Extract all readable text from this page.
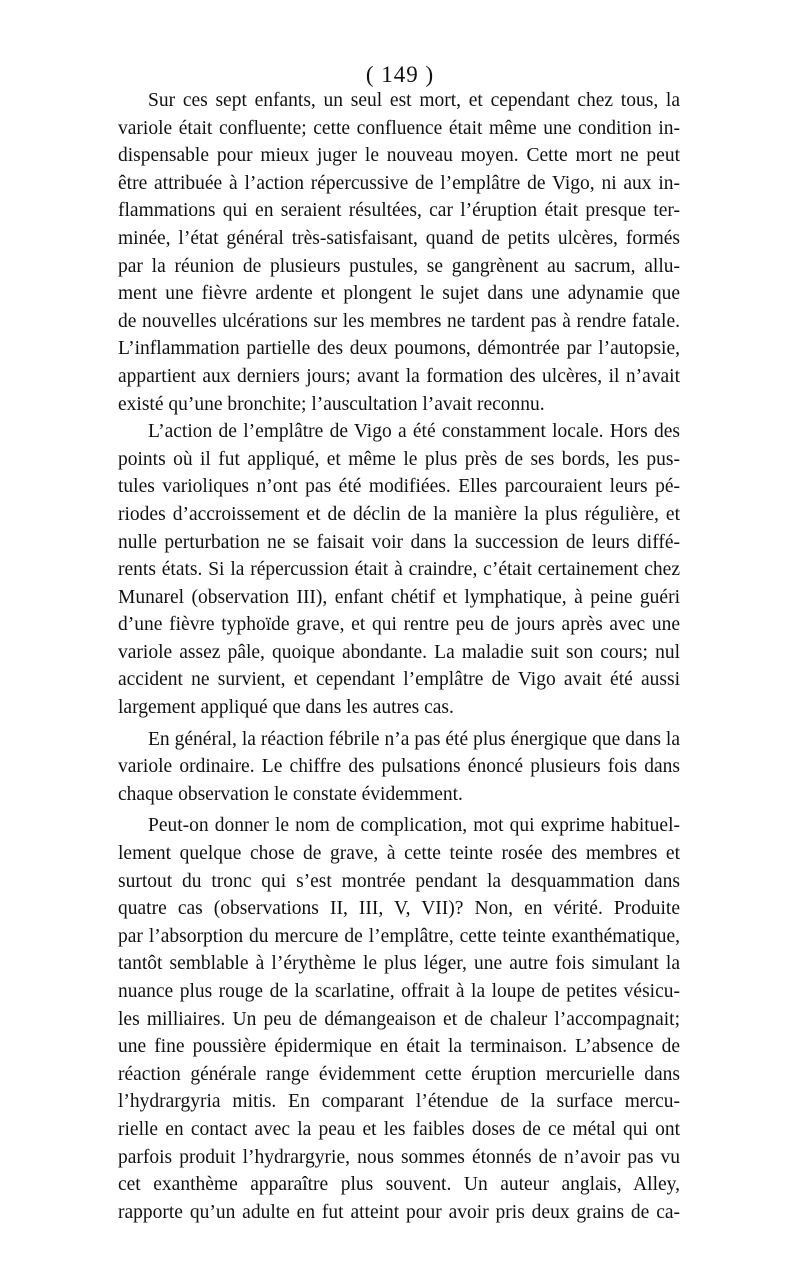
( 149 )
Sur ces sept enfants, un seul est mort, et cependant chez tous, la
variole était confluente; cette confluence était même une condition in-
dispensable pour mieux juger le nouveau moyen. Cette mort ne peut
être attribuée à l’action répercussive de l’emplâtre de Vigo, ni aux in-
flammations qui en seraient résultées, car l’éruption était presque ter-
minée, l’état général très-satisfaisant, quand de petits ulcères, formés
par la réunion de plusieurs pustules, se gangrènent au sacrum, allu-
ment une fièvre ardente et plongent le sujet dans une adynamie que
de nouvelles ulcérations sur les membres ne tardent pas à rendre fatale.
L’inflammation partielle des deux poumons, démontrée par l’autopsie,
appartient aux derniers jours; avant la formation des ulcères, il n’avait
existé qu’une bronchite; l’auscultation l’avait reconnu.
L’action de l’emplâtre de Vigo a été constamment locale. Hors des
points où il fut appliqué, et même le plus près de ses bords, les pus-
tules varioliques n’ont pas été modifiées. Elles parcouraient leurs pé-
riodes d’accroissement et de déclin de la manière la plus régulière, et
nulle perturbation ne se faisait voir dans la succession de leurs diffé-
rents états. Si la répercussion était à craindre, c’était certainement chez
Munarel (observation III), enfant chétif et lymphatique, à peine guéri
d’une fièvre typhoïde grave, et qui rentre peu de jours après avec une
variole assez pâle, quoique abondante. La maladie suit son cours; nul
accident ne survient, et cependant l’emplâtre de Vigo avait été aussi
largement appliqué que dans les autres cas.
En général, la réaction fébrile n’a pas été plus énergique que dans la
variole ordinaire. Le chiffre des pulsations énoncé plusieurs fois dans
chaque observation le constate évidemment.
Peut-on donner le nom de complication, mot qui exprime habituel-
lement quelque chose de grave, à cette teinte rosée des membres et
surtout du tronc qui s’est montrée pendant la desquammation dans
quatre cas (observations II, III, V, VII)? Non, en vérité. Produite
par l’absorption du mercure de l’emplâtre, cette teinte exanthématique,
tantôt semblable à l’érythème le plus léger, une autre fois simulant la
nuance plus rouge de la scarlatine, offrait à la loupe de petites vésicu-
les milliaires. Un peu de démangeaison et de chaleur l’accompagnait;
une fine poussière épidermique en était la terminaison. L’absence de
réaction générale range évidemment cette éruption mercurielle dans
l’hydrargyria mitis. En comparant l’étendue de la surface mercu-
rielle en contact avec la peau et les faibles doses de ce métal qui ont
parfois produit l’hydrargyrie, nous sommes étonnés de n’avoir pas vu
cet exanthème apparaître plus souvent. Un auteur anglais, Alley,
rapporte qu’un adulte en fut atteint pour avoir pris deux grains de ca-
